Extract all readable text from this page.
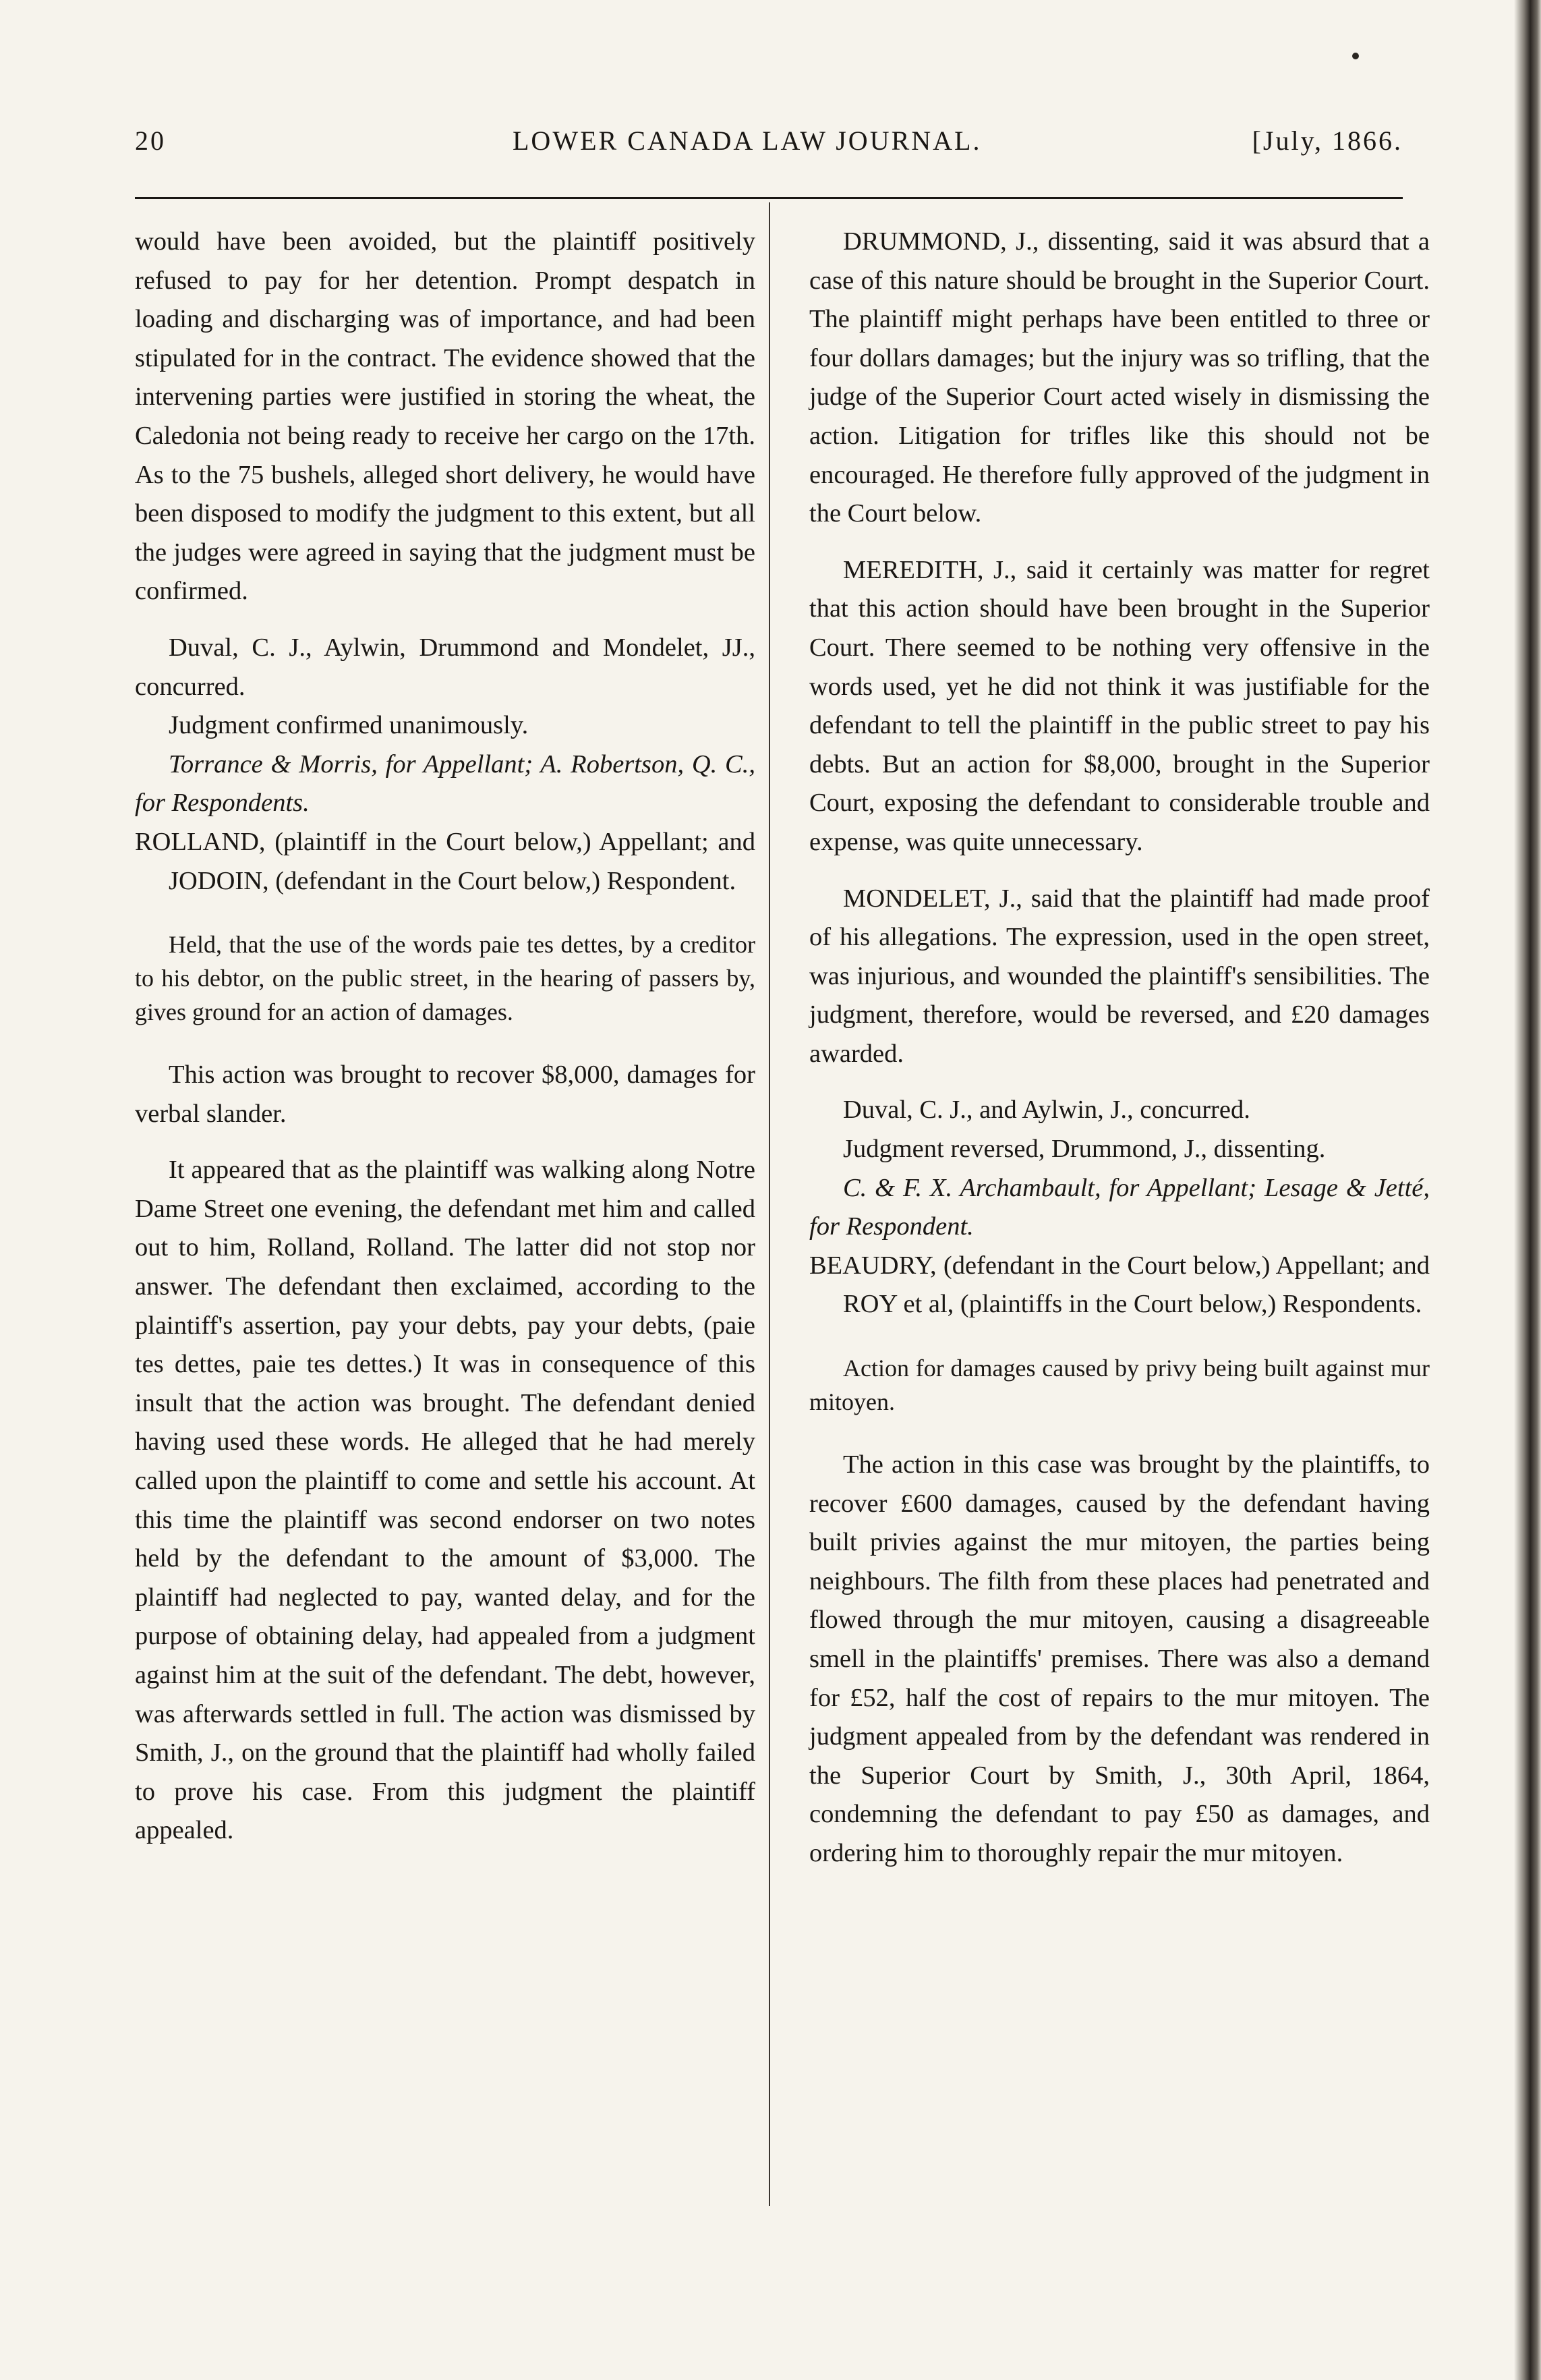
20	LOWER CANADA LAW JOURNAL.	[July, 1866.

would have been avoided, but the plaintiff positively refused to pay for her detention. Prompt despatch in loading and discharging was of importance, and had been stipulated for in the contract. The evidence showed that the intervening parties were justified in storing the wheat, the Caledonia not being ready to receive her cargo on the 17th. As to the 75 bushels, alleged short delivery, he would have been disposed to modify the judgment to this extent, but all the judges were agreed in saying that the judgment must be confirmed.

Duval, C. J., Aylwin, Drummond and Mondelet, JJ., concurred.

Judgment confirmed unanimously.

Torrance & Morris, for Appellant; A. Robertson, Q. C., for Respondents.

ROLLAND, (plaintiff in the Court below,) Appellant; and JODOIN, (defendant in the Court below,) Respondent.

Held, that the use of the words paie tes dettes, by a creditor to his debtor, on the public street, in the hearing of passers by, gives ground for an action of damages.

This action was brought to recover $8,000, damages for verbal slander.

It appeared that as the plaintiff was walking along Notre Dame Street one evening, the defendant met him and called out to him, Rolland, Rolland. The latter did not stop nor answer. The defendant then exclaimed, according to the plaintiff's assertion, pay your debts, pay your debts, (paie tes dettes, paie tes dettes.) It was in consequence of this insult that the action was brought. The defendant denied having used these words. He alleged that he had merely called upon the plaintiff to come and settle his account. At this time the plaintiff was second endorser on two notes held by the defendant to the amount of $3,000. The plaintiff had neglected to pay, wanted delay, and for the purpose of obtaining delay, had appealed from a judgment against him at the suit of the defendant. The debt, however, was afterwards settled in full. The action was dismissed by Smith, J., on the ground that the plaintiff had wholly failed to prove his case. From this judgment the plaintiff appealed.

DRUMMOND, J., dissenting, said it was absurd that a case of this nature should be brought in the Superior Court. The plaintiff might perhaps have been entitled to three or four dollars damages; but the injury was so trifling, that the judge of the Superior Court acted wisely in dismissing the action. Litigation for trifles like this should not be encouraged. He therefore fully approved of the judgment in the Court below.

MEREDITH, J., said it certainly was matter for regret that this action should have been brought in the Superior Court. There seemed to be nothing very offensive in the words used, yet he did not think it was justifiable for the defendant to tell the plaintiff in the public street to pay his debts. But an action for $8,000, brought in the Superior Court, exposing the defendant to considerable trouble and expense, was quite unnecessary.

MONDELET, J., said that the plaintiff had made proof of his allegations. The expression, used in the open street, was injurious, and wounded the plaintiff's sensibilities. The judgment, therefore, would be reversed, and £20 damages awarded.

Duval, C. J., and Aylwin, J., concurred.

Judgment reversed, Drummond, J., dissenting.

C. & F. X. Archambault, for Appellant; Lesage & Jetté, for Respondent.

BEAUDRY, (defendant in the Court below,) Appellant; and ROY et al, (plaintiffs in the Court below,) Respondents.

Action for damages caused by privy being built against mur mitoyen.

The action in this case was brought by the plaintiffs, to recover £600 damages, caused by the defendant having built privies against the mur mitoyen, the parties being neighbours. The filth from these places had penetrated and flowed through the mur mitoyen, causing a disagreeable smell in the plaintiffs' premises. There was also a demand for £52, half the cost of repairs to the mur mitoyen. The judgment appealed from by the defendant was rendered in the Superior Court by Smith, J., 30th April, 1864, condemning the defendant to pay £50 as damages, and ordering him to thoroughly repair the mur mitoyen.
